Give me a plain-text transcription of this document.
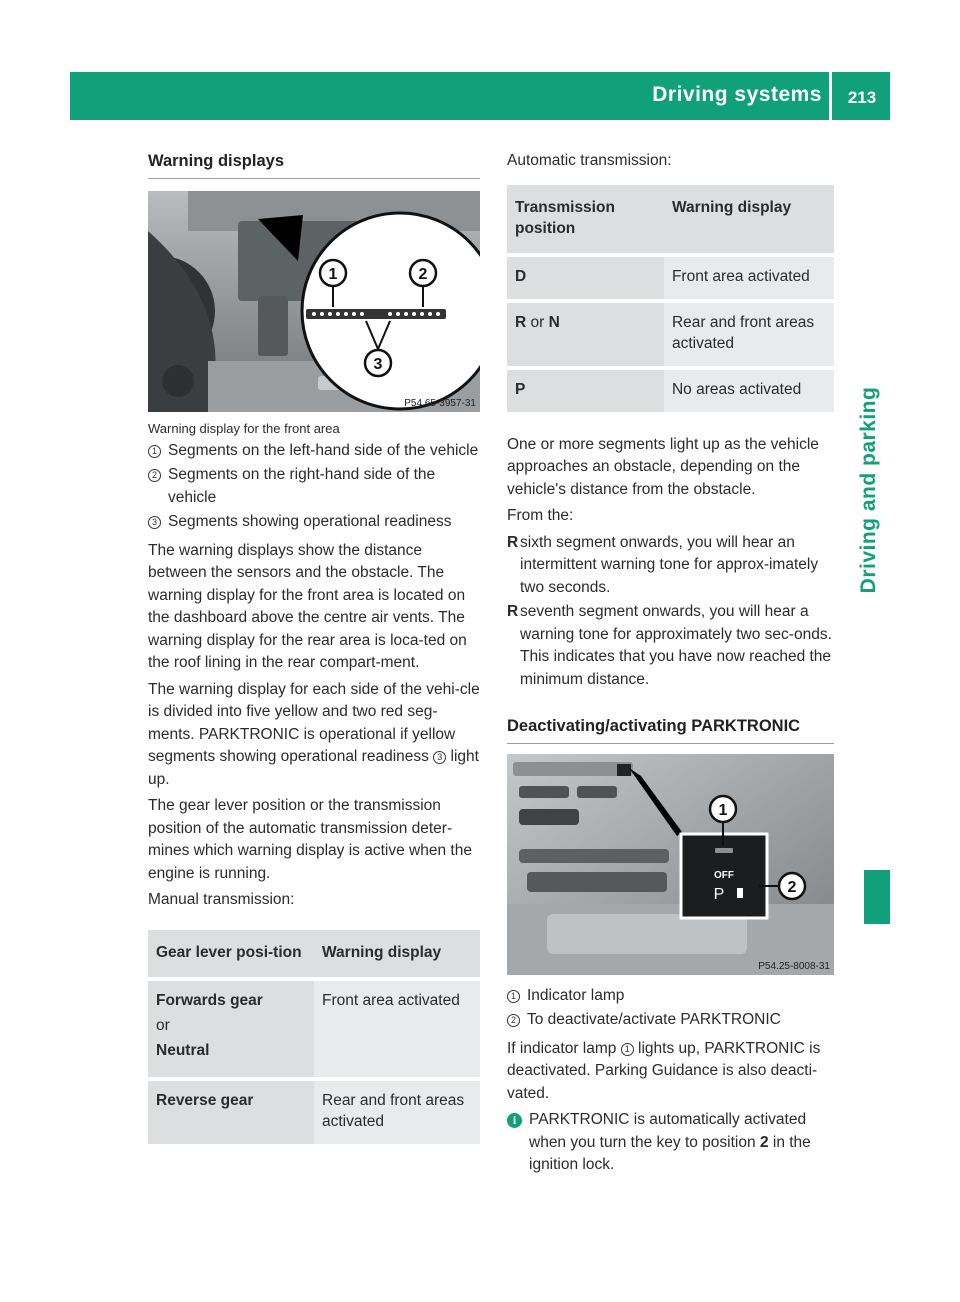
Driving systems	213
Driving and parking
Warning displays
1	2
3
P54.65-3957-31

Warning display for the front area

1 Segments on the left-hand side of the vehicle
2 Segments on the right-hand side of the vehicle
3 Segments showing operational readiness

The warning displays show the distance between the sensors and the obstacle. The warning display for the front area is located on the dashboard above the centre air vents. The warning display for the rear area is loca-ted on the roof lining in the rear compart-ment.

The warning display for each side of the vehi-cle is divided into five yellow and two red seg-ments. PARKTRONIC is operational if yellow segments showing operational readiness 3 light up.

The gear lever position or the transmission position of the automatic transmission deter-mines which warning display is active when the engine is running.

Manual transmission:

Gear lever posi-tion	Warning display

Forwards gear
or
Neutral	Front area activated
Reverse gear	Rear and front areas activated

Automatic transmission:

Transmission position	Warning display
D	Front area activated
R or N	Rear and front areas activated
P	No areas activated

One or more segments light up as the vehicle approaches an obstacle, depending on the vehicle's distance from the obstacle.

From the:

R sixth segment onwards, you will hear an intermittent warning tone for approx-imately two seconds.
R seventh segment onwards, you will hear a warning tone for approximately two sec-onds. This indicates that you have now reached the minimum distance.
Deactivating/activating PARKTRONIC
OFF
P
1
2
P54.25-8008-31
1 Indicator lamp
2 To deactivate/activate PARKTRONIC

If indicator lamp 1 lights up, PARKTRONIC is deactivated. Parking Guidance is also deacti-vated.

i PARKTRONIC is automatically activated when you turn the key to position 2 in the ignition lock.
